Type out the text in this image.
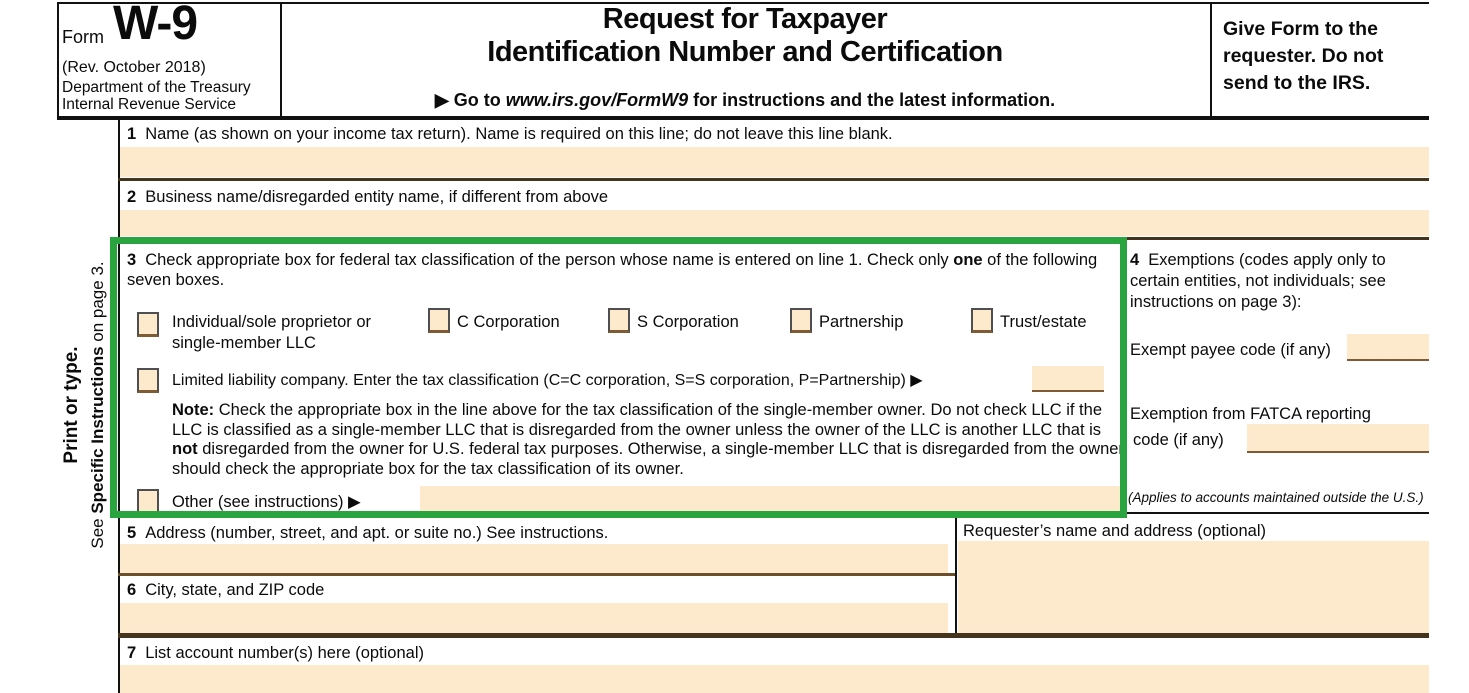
Form W-9
(Rev. October 2018)
Department of the Treasury
Internal Revenue Service
Request for Taxpayer
Identification Number and Certification
▶ Go to www.irs.gov/FormW9 for instructions and the latest information.
Give Form to the requester. Do not send to the IRS.
Print or type.
See Specific Instructions on page 3.
1 Name (as shown on your income tax return). Name is required on this line; do not leave this line blank.
2 Business name/disregarded entity name, if different from above
3 Check appropriate box for federal tax classification of the person whose name is entered on line 1. Check only one of the following seven boxes.
Individual/sole proprietor or single-member LLC
C Corporation	S Corporation	Partnership	Trust/estate
Limited liability company. Enter the tax classification (C=C corporation, S=S corporation, P=Partnership) ▶
Note: Check the appropriate box in the line above for the tax classification of the single-member owner. Do not check LLC if the LLC is classified as a single-member LLC that is disregarded from the owner unless the owner of the LLC is another LLC that is not disregarded from the owner for U.S. federal tax purposes. Otherwise, a single-member LLC that is disregarded from the owner should check the appropriate box for the tax classification of its owner.
Other (see instructions) ▶
4 Exemptions (codes apply only to certain entities, not individuals; see instructions on page 3):
Exempt payee code (if any)
Exemption from FATCA reporting
code (if any)
(Applies to accounts maintained outside the U.S.)
5 Address (number, street, and apt. or suite no.) See instructions.
6 City, state, and ZIP code
Requester’s name and address (optional)
7 List account number(s) here (optional)
